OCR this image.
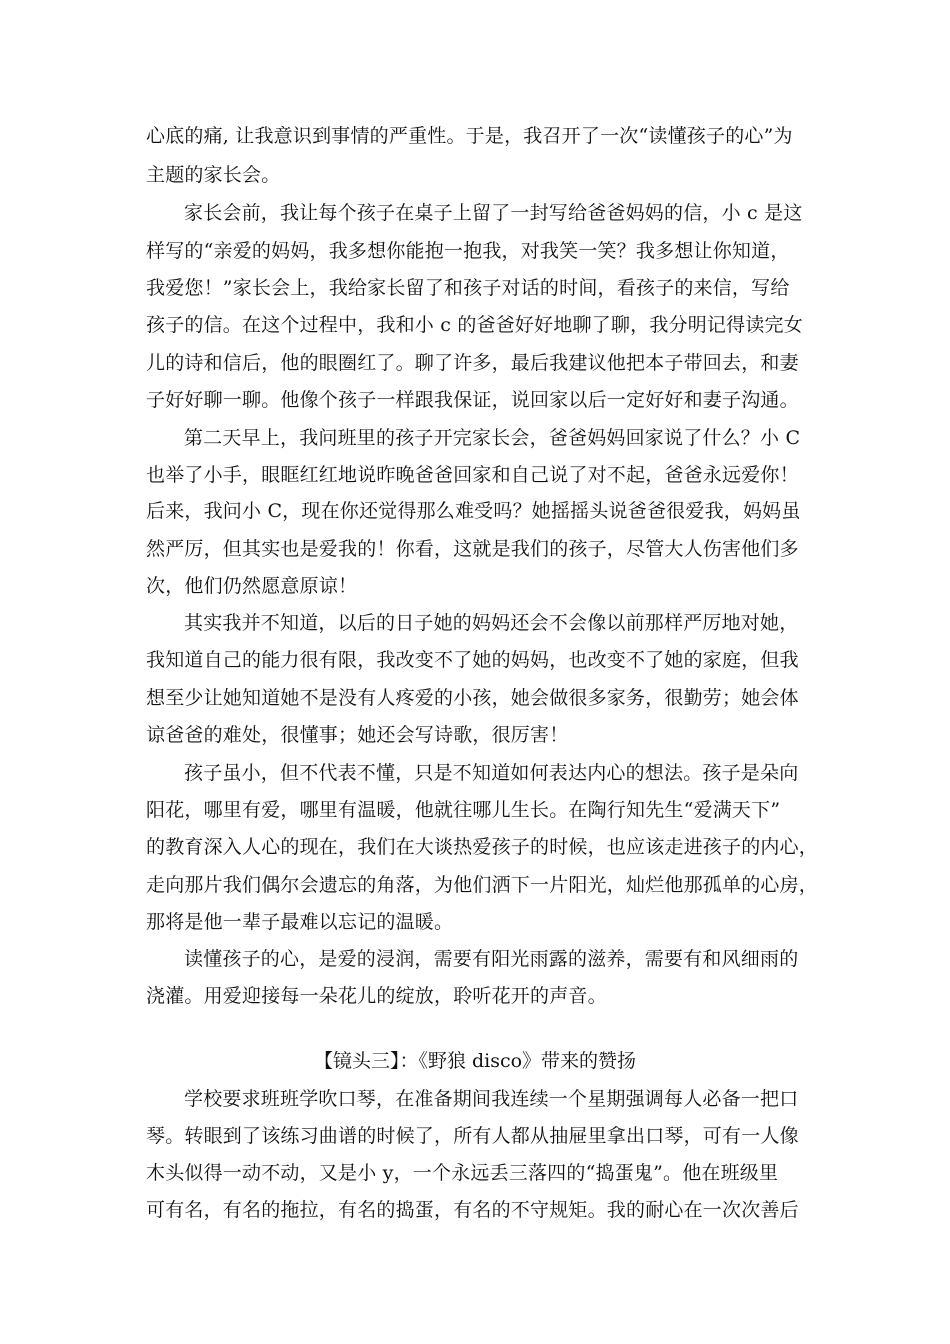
心底的痛, 让我意识到事情的严重性。于是，我召开了一次“读懂孩子的心”为
主题的家长会。
家长会前，我让每个孩子在桌子上留了一封写给爸爸妈妈的信，小 c 是这
样写的“亲爱的妈妈，我多想你能抱一抱我，对我笑一笑？我多想让你知道，
我爱您！”家长会上，我给家长留了和孩子对话的时间，看孩子的来信，写给
孩子的信。在这个过程中，我和小 c 的爸爸好好地聊了聊，我分明记得读完女
儿的诗和信后，他的眼圈红了。聊了许多，最后我建议他把本子带回去，和妻
子好好聊一聊。他像个孩子一样跟我保证，说回家以后一定好好和妻子沟通。
第二天早上，我问班里的孩子开完家长会，爸爸妈妈回家说了什么？小 C
也举了小手，眼眶红红地说昨晚爸爸回家和自己说了对不起，爸爸永远爱你！
后来，我问小 C，现在你还觉得那么难受吗？她摇摇头说爸爸很爱我，妈妈虽
然严厉，但其实也是爱我的！你看，这就是我们的孩子，尽管大人伤害他们多
次，他们仍然愿意原谅！
其实我并不知道，以后的日子她的妈妈还会不会像以前那样严厉地对她，
我知道自己的能力很有限，我改变不了她的妈妈，也改变不了她的家庭，但我
想至少让她知道她不是没有人疼爱的小孩，她会做很多家务，很勤劳；她会体
谅爸爸的难处，很懂事；她还会写诗歌，很厉害！
孩子虽小，但不代表不懂，只是不知道如何表达内心的想法。孩子是朵向
阳花，哪里有爱，哪里有温暖，他就往哪儿生长。在陶行知先生“爱满天下”
的教育深入人心的现在，我们在大谈热爱孩子的时候，也应该走进孩子的内心，
走向那片我们偶尔会遗忘的角落，为他们洒下一片阳光，灿烂他那孤单的心房，
那将是他一辈子最难以忘记的温暖。
读懂孩子的心，是爱的浸润，需要有阳光雨露的滋养，需要有和风细雨的
浇灌。用爱迎接每一朵花儿的绽放，聆听花开的声音。
【镜头三】：《野狼 disco》带来的赞扬
学校要求班班学吹口琴，在准备期间我连续一个星期强调每人必备一把口
琴。转眼到了该练习曲谱的时候了，所有人都从抽屉里拿出口琴，可有一人像
木头似得一动不动，又是小 y，一个永远丢三落四的“捣蛋鬼”。他在班级里
可有名，有名的拖拉，有名的捣蛋，有名的不守规矩。我的耐心在一次次善后
